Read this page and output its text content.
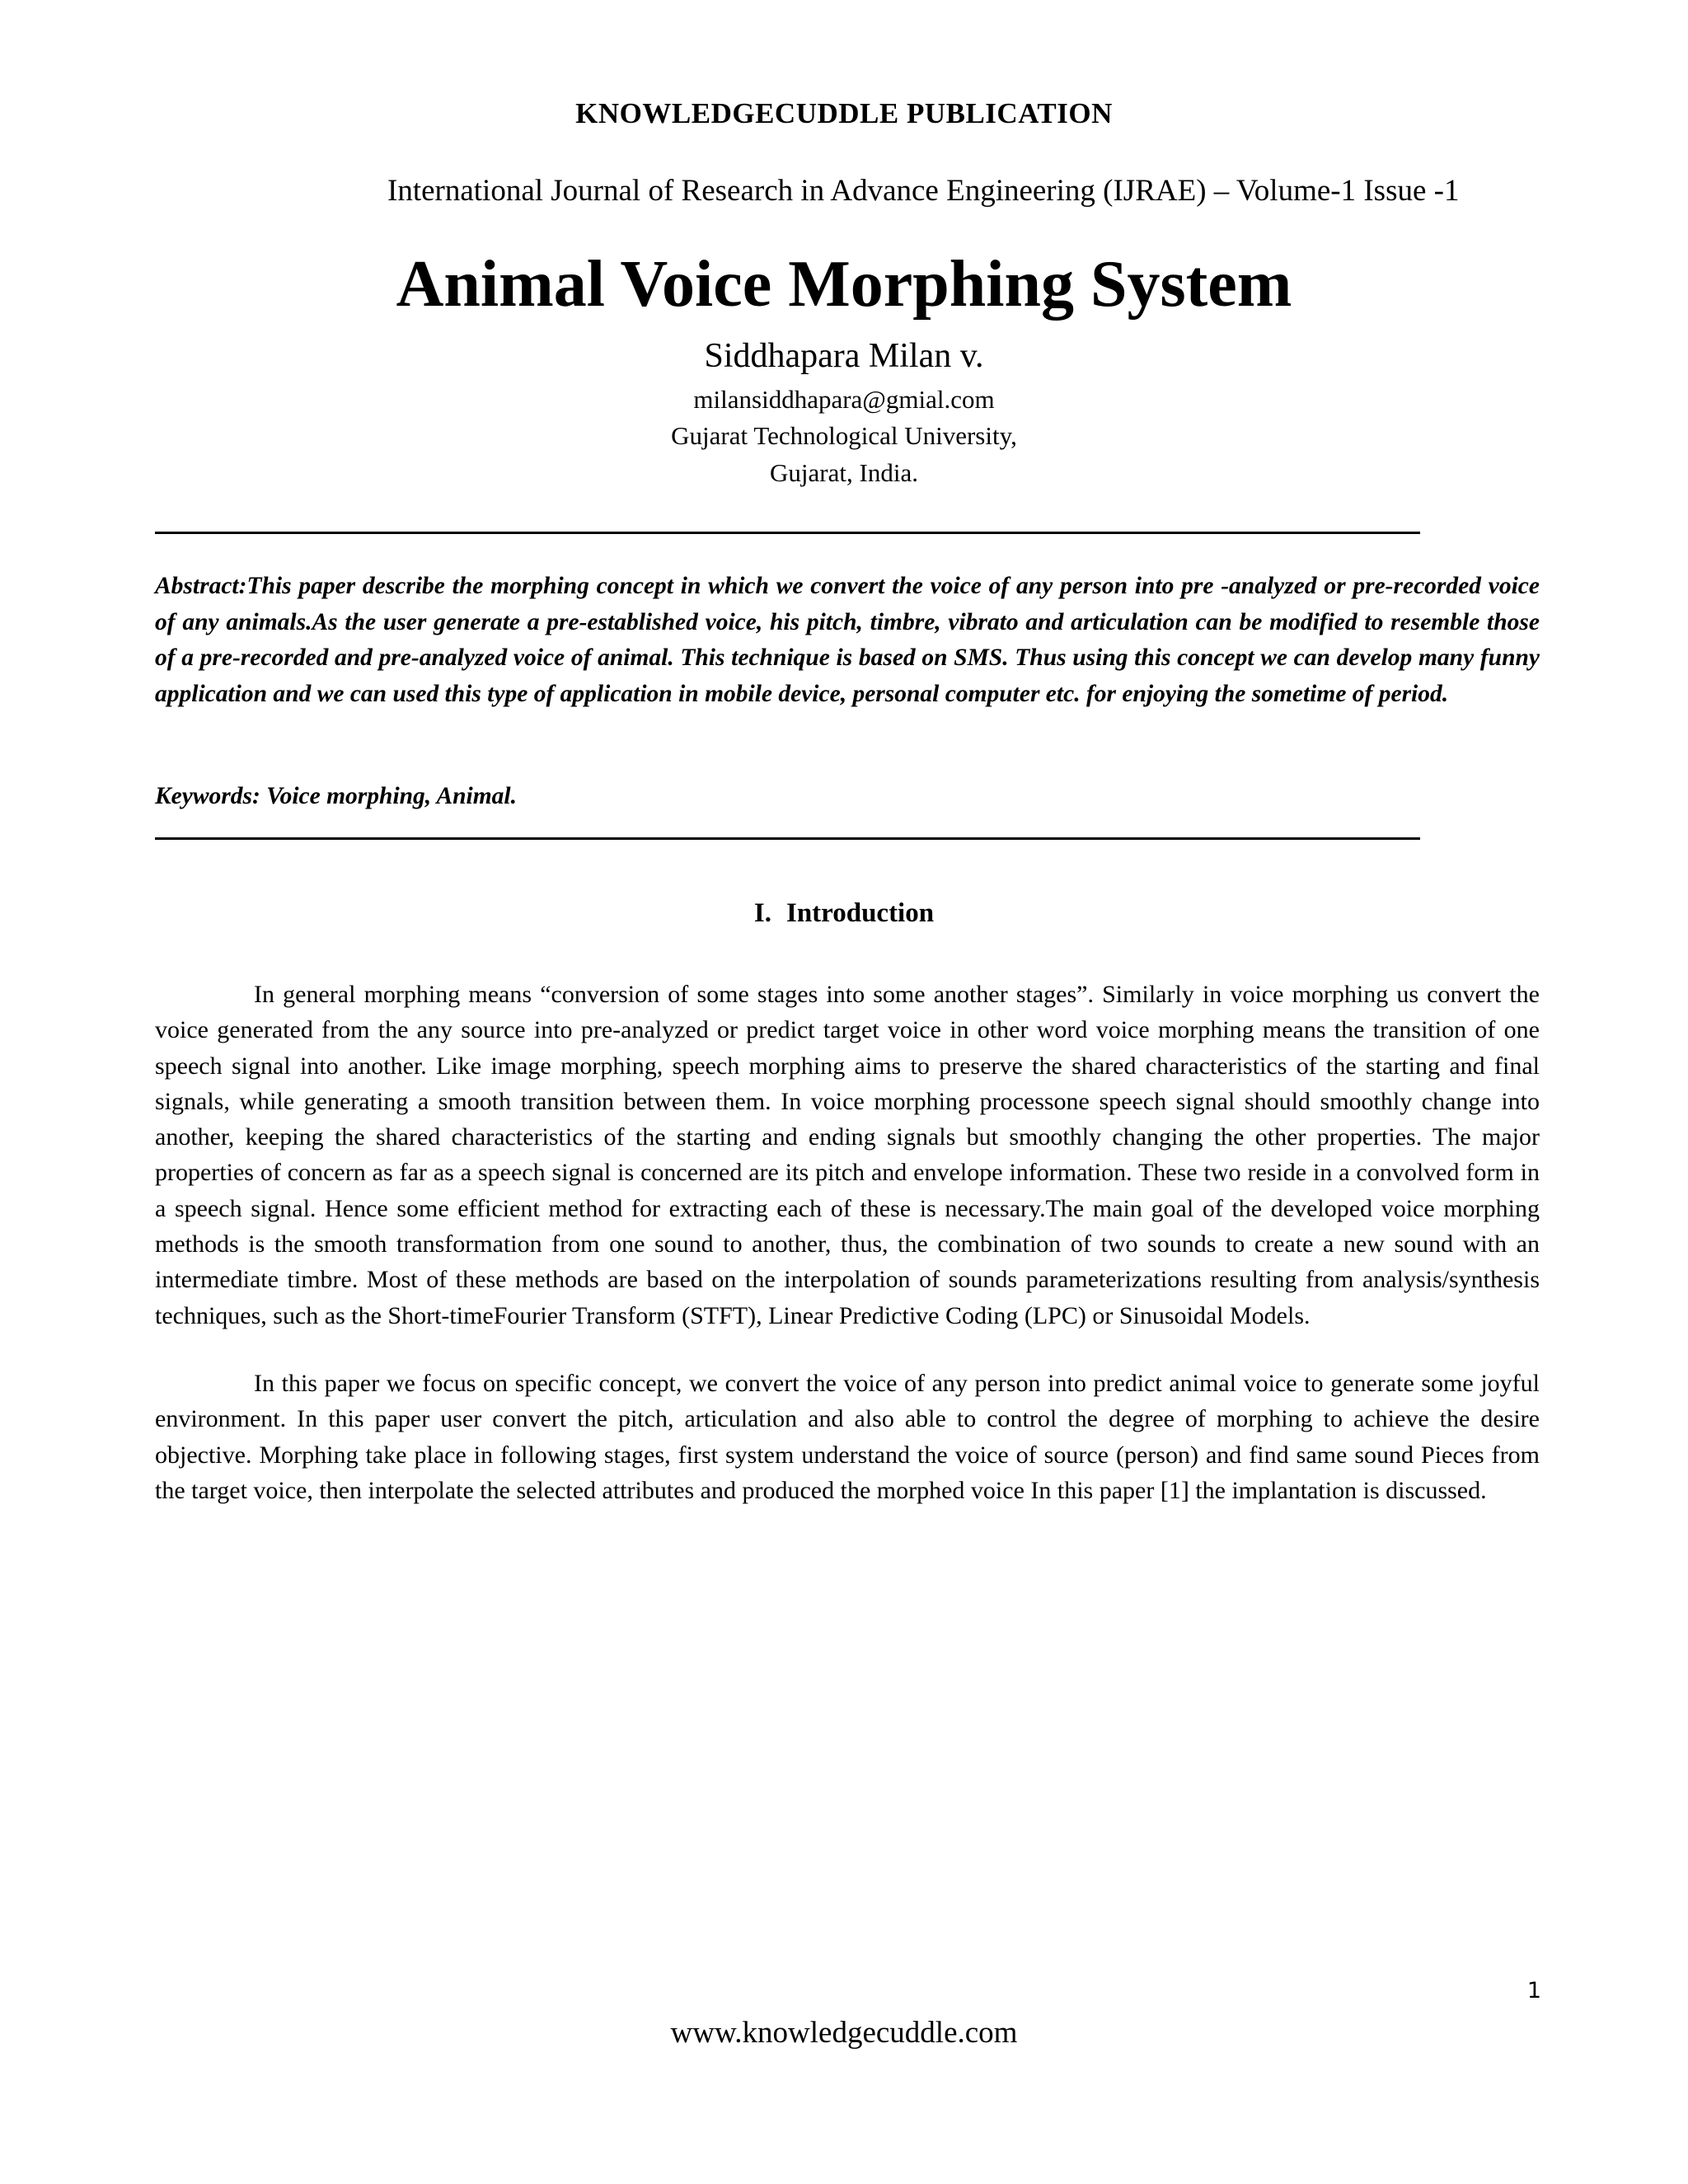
KNOWLEDGECUDDLE PUBLICATION
International Journal of Research in Advance Engineering (IJRAE) – Volume-1 Issue -1
Animal Voice Morphing System
Siddhapara Milan v.
milansiddhapara@gmial.com
Gujarat Technological University,
Gujarat, India.
Abstract:This paper describe the morphing concept in which we convert the voice of any person into pre -analyzed or pre-recorded voice of any animals.As the user generate a pre-established voice, his pitch, timbre, vibrato and articulation can be modified to resemble those of a pre-recorded and pre-analyzed voice of animal. This technique is based on SMS. Thus using this concept we can develop many funny application and we can used this type of application in mobile device, personal computer etc. for enjoying the sometime of period.
Keywords: Voice morphing, Animal.
I. Introduction
In general morphing means “conversion of some stages into some another stages”. Similarly in voice morphing us convert the voice generated from the any source into pre-analyzed or predict target voice in other word voice morphing means the transition of one speech signal into another. Like image morphing, speech morphing aims to preserve the shared characteristics of the starting and final signals, while generating a smooth transition between them. In voice morphing processone speech signal should smoothly change into another, keeping the shared characteristics of the starting and ending signals but smoothly changing the other properties. The major properties of concern as far as a speech signal is concerned are its pitch and envelope information. These two reside in a convolved form in a speech signal. Hence some efficient method for extracting each of these is necessary.The main goal of the developed voice morphing methods is the smooth transformation from one sound to another, thus, the combination of two sounds to create a new sound with an intermediate timbre. Most of these methods are based on the interpolation of sounds parameterizations resulting from analysis/synthesis techniques, such as the Short-timeFourier Transform (STFT), Linear Predictive Coding (LPC) or Sinusoidal Models.
In this paper we focus on specific concept, we convert the voice of any person into predict animal voice to generate some joyful environment. In this paper user convert the pitch, articulation and also able to control the degree of morphing to achieve the desire objective. Morphing take place in following stages, first system understand the voice of source (person) and find same sound Pieces from the target voice, then interpolate the selected attributes and produced the morphed voice In this paper [1] the implantation is discussed.
1
www.knowledgecuddle.com
